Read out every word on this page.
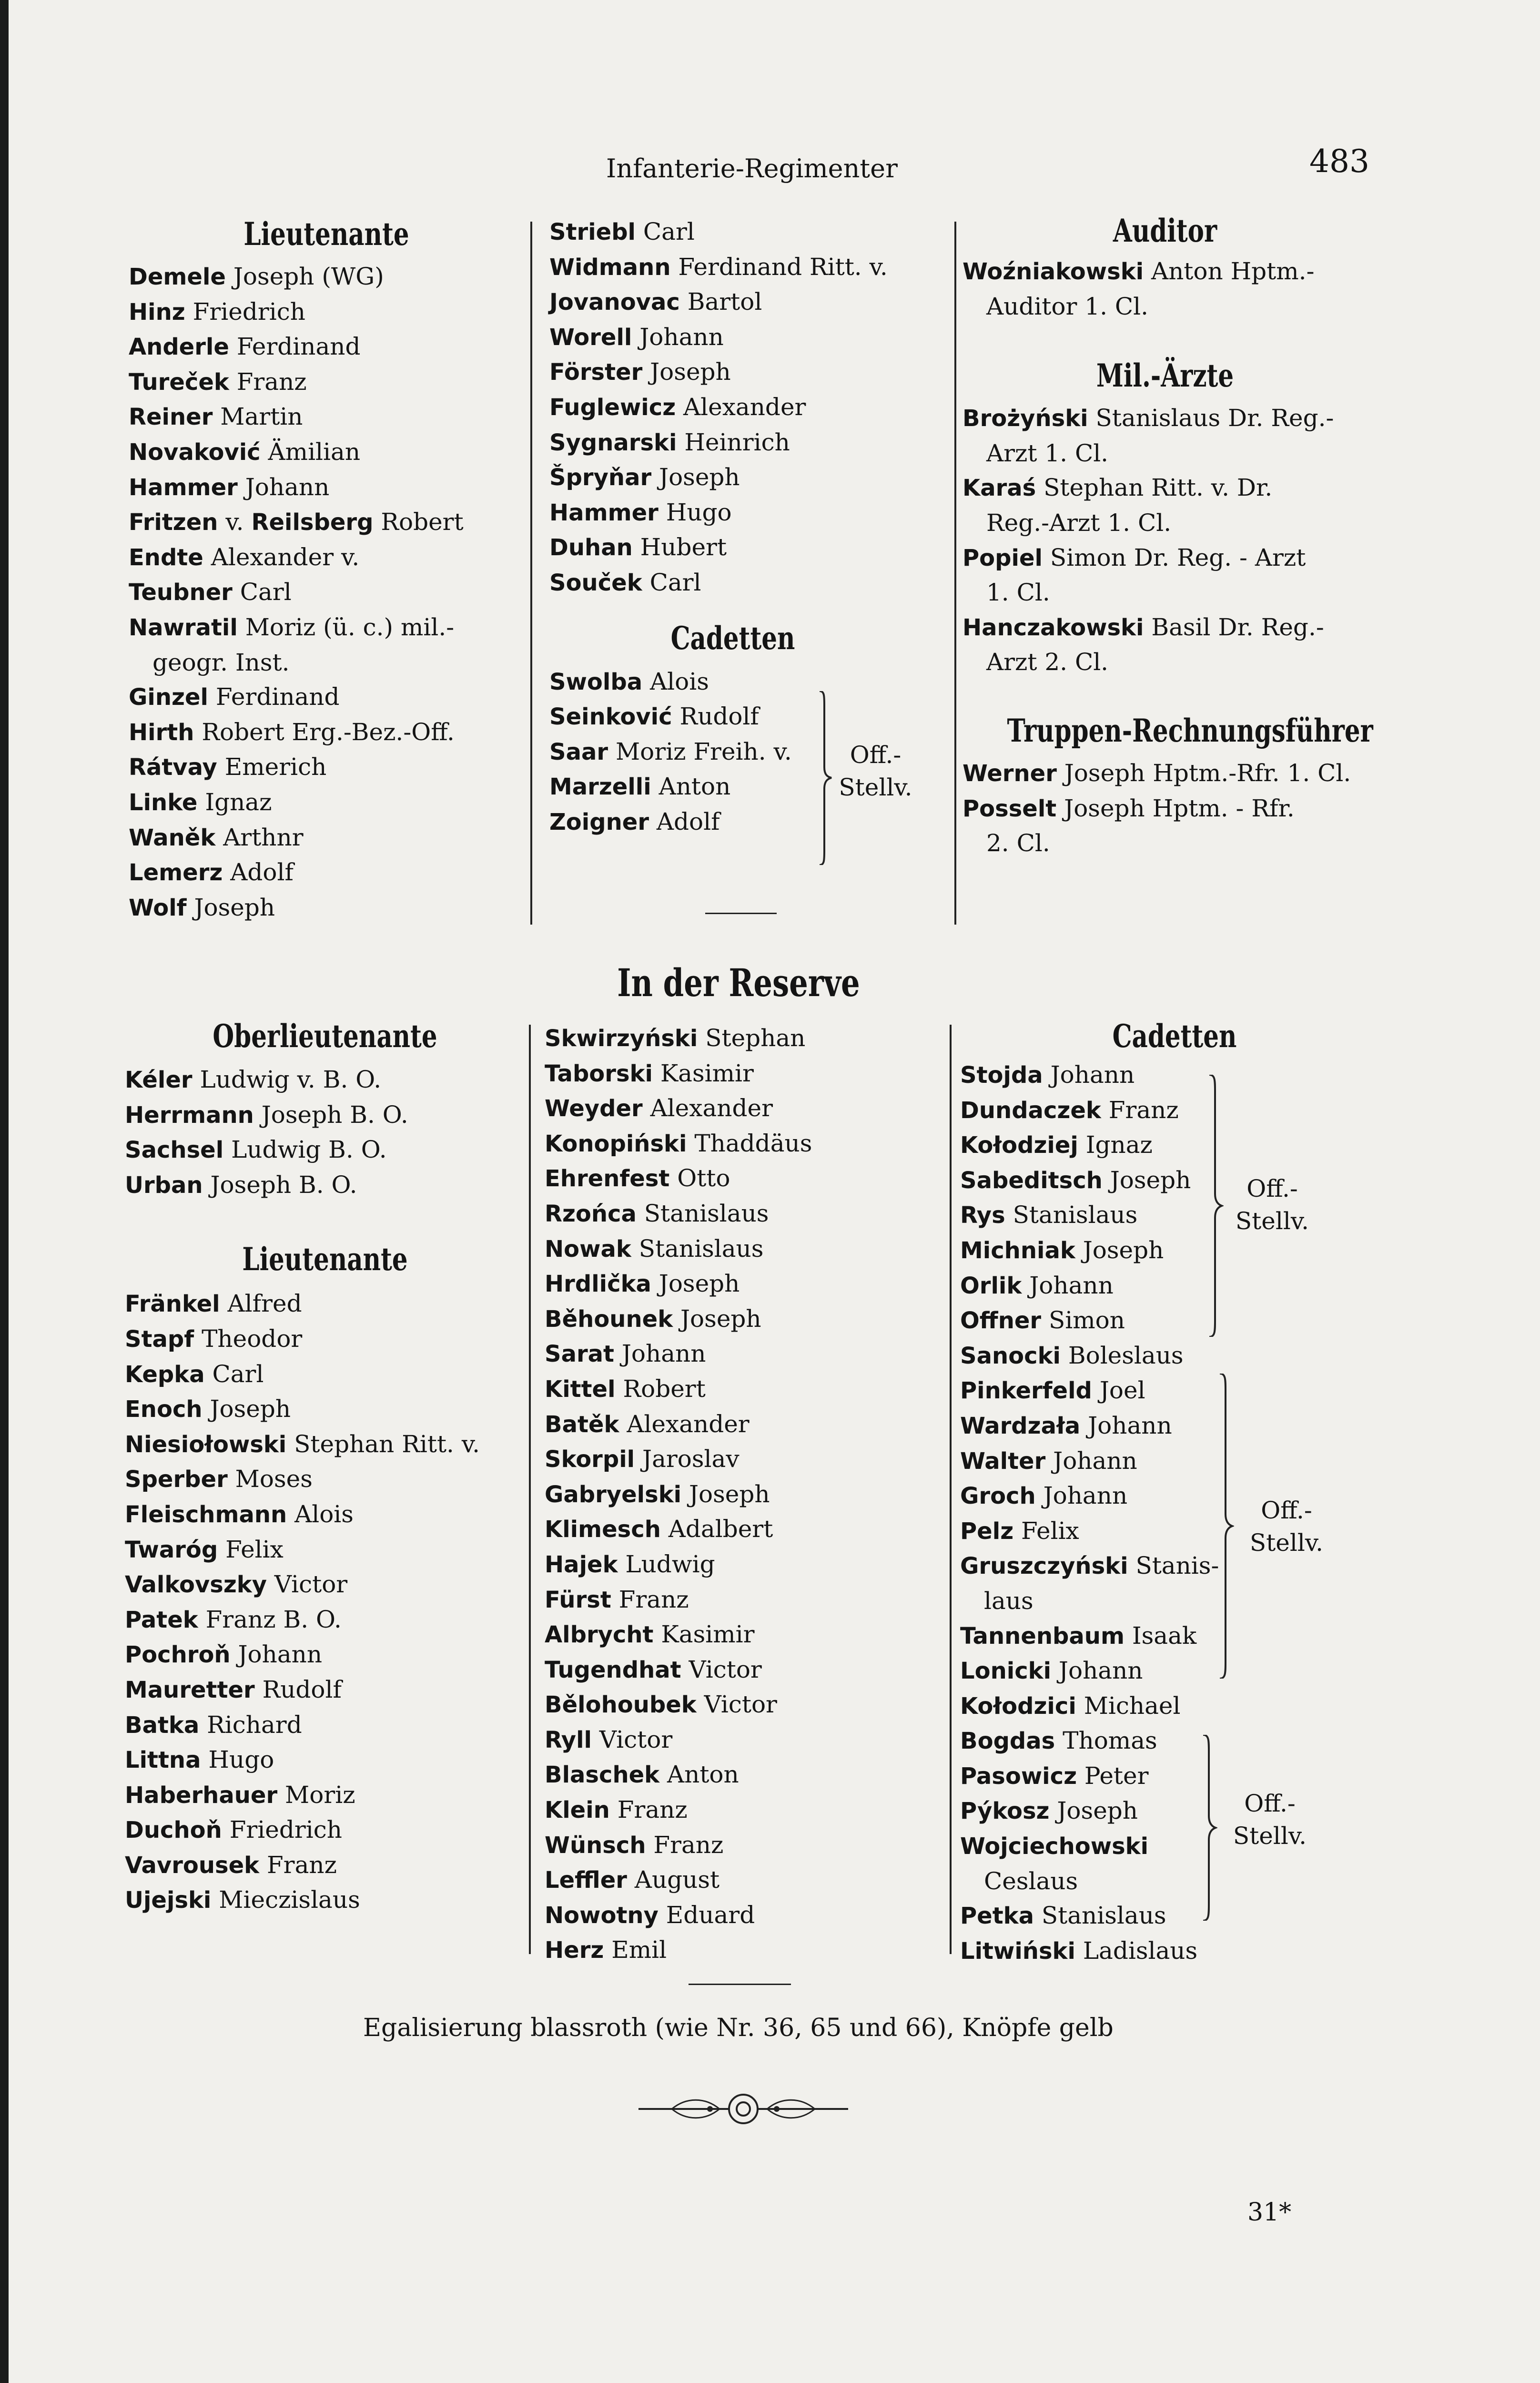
Infanterie-Regimenter	483
Lieutenante
Demele Joseph (WG)
Hinz Friedrich
Anderle Ferdinand
Tureček Franz
Reiner Martin
Novaković Ämilian
Hammer Johann
Fritzen v. Reilsberg Robert
Endte Alexander v.
Teubner Carl
Nawratil Moriz (ü. c.) mil.-
geogr. Inst.
Ginzel Ferdinand
Hirth Robert Erg.-Bez.-Off.
Rátvay Emerich
Linke Ignaz
Waněk Arthnr
Lemerz Adolf
Wolf Joseph
Striebl Carl
Widmann Ferdinand Ritt. v.
Jovanovac Bartol
Worell Johann
Förster Joseph
Fuglewicz Alexander
Sygnarski Heinrich
Špryňar Joseph
Hammer Hugo
Duhan Hubert
Souček Carl
Cadetten
Swolba Alois
Seinković Rudolf
Saar Moriz Freih. v.
Marzelli Anton
Zoigner Adolf
Off.-
Stellv.
Auditor
Woźniakowski Anton Hptm.-
Auditor 1. Cl.
Mil.-Ärzte
Brożyński Stanislaus Dr. Reg.-
Arzt 1. Cl.
Karaś Stephan Ritt. v. Dr.
Reg.-Arzt 1. Cl.
Popiel Simon Dr. Reg. - Arzt
1. Cl.
Hanczakowski Basil Dr. Reg.-
Arzt 2. Cl.
Truppen-Rechnungsführer
Werner Joseph Hptm.-Rfr. 1. Cl.
Posselt Joseph Hptm. - Rfr.
2. Cl.
In der Reserve
Oberlieutenante
Kéler Ludwig v. B. O.
Herrmann Joseph B. O.
Sachsel Ludwig B. O.
Urban Joseph B. O.
Lieutenante
Fränkel Alfred
Stapf Theodor
Kepka Carl
Enoch Joseph
Niesiołowski Stephan Ritt. v.
Sperber Moses
Fleischmann Alois
Twaróg Felix
Valkovszky Victor
Patek Franz B. O.
Pochroň Johann
Mauretter Rudolf
Batka Richard
Littna Hugo
Haberhauer Moriz
Duchoň Friedrich
Vavrousek Franz
Ujejski Mieczislaus
Skwirzyński Stephan
Taborski Kasimir
Weyder Alexander
Konopiński Thaddäus
Ehrenfest Otto
Rzońca Stanislaus
Nowak Stanislaus
Hrdlička Joseph
Běhounek Joseph
Sarat Johann
Kittel Robert
Batěk Alexander
Skorpil Jaroslav
Gabryelski Joseph
Klimesch Adalbert
Hajek Ludwig
Fürst Franz
Albrycht Kasimir
Tugendhat Victor
Bělohoubek Victor
Ryll Victor
Blaschek Anton
Klein Franz
Wünsch Franz
Leffler August
Nowotny Eduard
Herz Emil
Cadetten
Stojda Johann
Dundaczek Franz
Kołodziej Ignaz
Sabeditsch Joseph
Rys Stanislaus
Michniak Joseph
Orlik Johann
Offner Simon
Sanocki Boleslaus
Pinkerfeld Joel
Wardzała Johann
Walter Johann
Groch Johann
Pelz Felix
Gruszczyński Stanis-
laus
Tannenbaum Isaak
Lonicki Johann
Kołodzici Michael
Bogdas Thomas
Pasowicz Peter
Pýkosz Joseph
Wojciechowski
Ceslaus
Petka Stanislaus
Litwiński Ladislaus
Off.-
Stellv.
Off.-
Stellv.
Off.-
Stellv.
Egalisierung blassroth (wie Nr. 36, 65 und 66), Knöpfe gelb
31*
